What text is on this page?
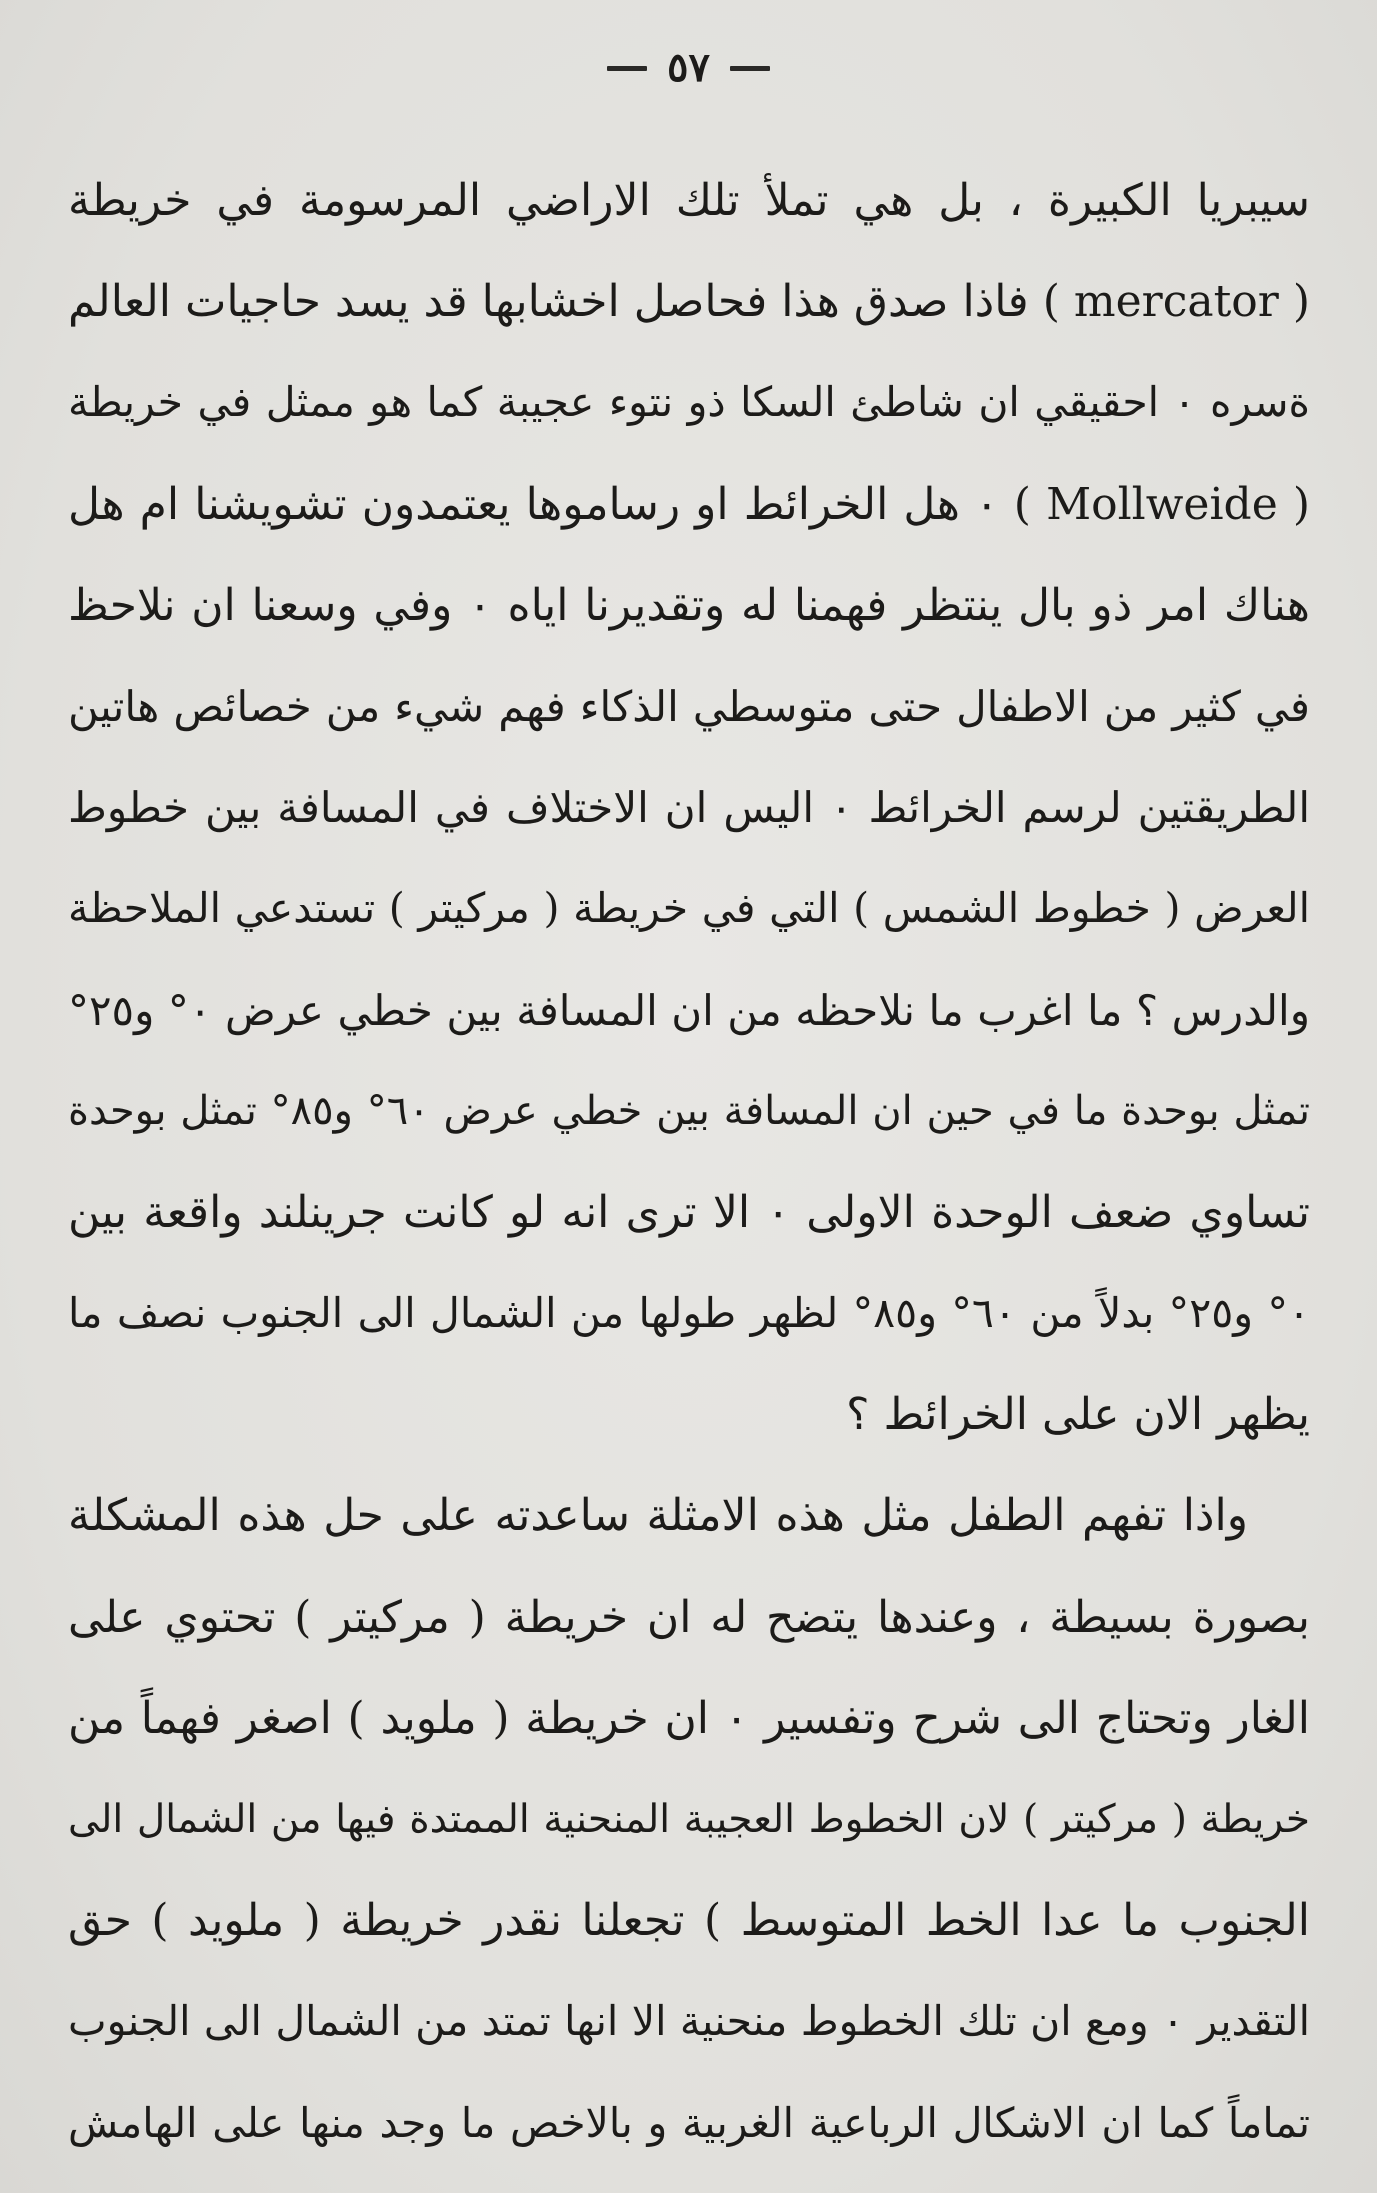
٥٧
سيبريا الكبيرة ، بل هي تملأ تلك الاراضي المرسومة في خريطة
( mercator ) فاذا صدق هذا فحاصل اخشابها قد يسد حاجيات العالم
ةسره ٠ احقيقي ان شاطئ السكا ذو نتوء عجيبة كما هو ممثل في خريطة
( Mollweide ) ٠ هل الخرائط او رساموها يعتمدون تشويشنا ام هل
هناك امر ذو بال ينتظر فهمنا له وتقديرنا اياه ٠ وفي وسعنا ان نلاحظ
في كثير من الاطفال حتى متوسطي الذكاء فهم شيء من خصائص هاتين
الطريقتين لرسم الخرائط ٠ اليس ان الاختلاف في المسافة بين خطوط
العرض ( خطوط الشمس ) التي في خريطة ( مركيتر ) تستدعي الملاحظة
والدرس ؟ ما اغرب ما نلاحظه من ان المسافة بين خطي عرض ٠° و٢٥°
تمثل بوحدة ما في حين ان المسافة بين خطي عرض ٦٠° و٨٥° تمثل بوحدة
تساوي ضعف الوحدة الاولى ٠ الا ترى انه لو كانت جرينلند واقعة بين
٠° و٢٥° بدلاً من ٦٠° و٨٥° لظهر طولها من الشمال الى الجنوب نصف ما
يظهر الان على الخرائط ؟
واذا تفهم الطفل مثل هذه الامثلة ساعدته على حل هذه المشكلة
بصورة بسيطة ، وعندها يتضح له ان خريطة ( مركيتر ) تحتوي على
الغار وتحتاج الى شرح وتفسير ٠ ان خريطة ( ملويد ) اصغر فهماً من
خريطة ( مركيتر ) لان الخطوط العجيبة المنحنية الممتدة فيها من الشمال الى
الجنوب ما عدا الخط المتوسط ) تجعلنا نقدر خريطة ( ملويد ) حق
التقدير ٠ ومع ان تلك الخطوط منحنية الا انها تمتد من الشمال الى الجنوب
تماماً كما ان الاشكال الرباعية الغربية و بالاخص ما وجد منها على الهامش
